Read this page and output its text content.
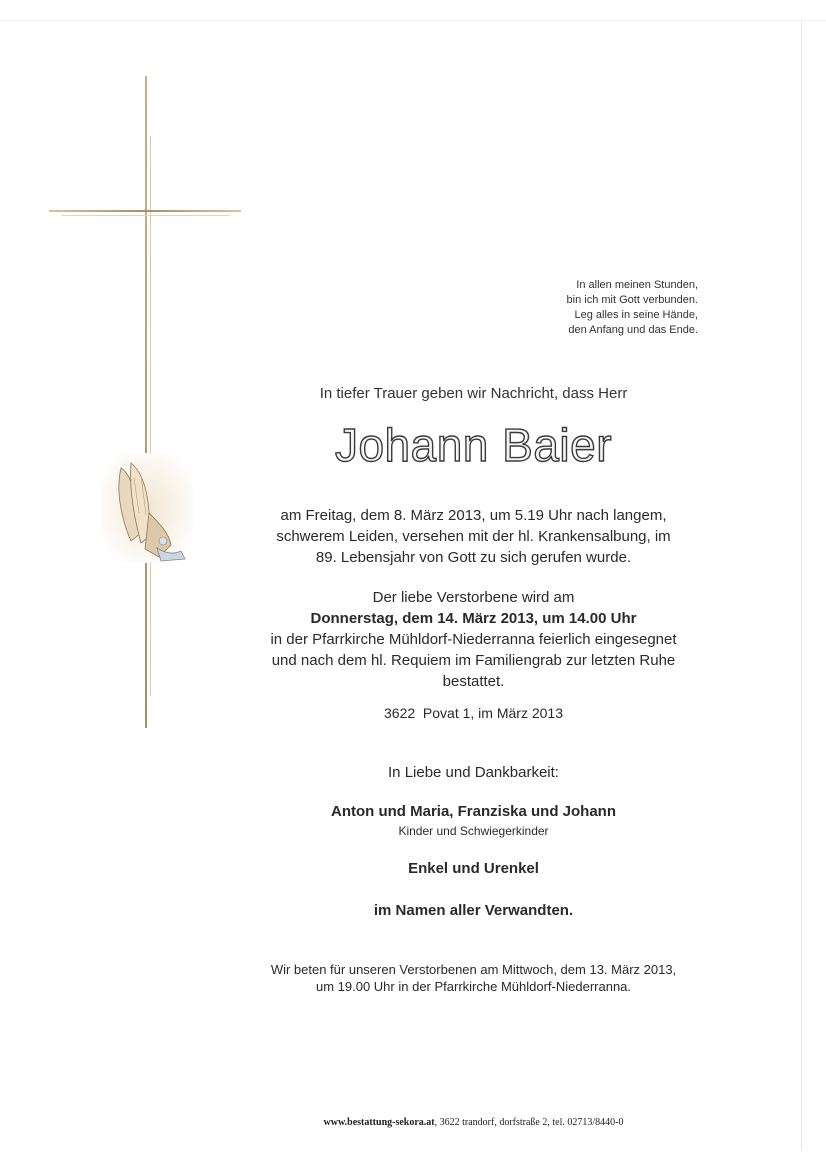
In allen meinen Stunden,
bin ich mit Gott verbunden.
Leg alles in seine Hände,
den Anfang und das Ende.
In tiefer Trauer geben wir Nachricht, dass Herr
Johann Baier
am Freitag, dem 8. März 2013, um 5.19 Uhr nach langem,
schwerem Leiden, versehen mit der hl. Krankensalbung, im
89. Lebensjahr von Gott zu sich gerufen wurde.
Der liebe Verstorbene wird am
Donnerstag, dem 14. März 2013, um 14.00 Uhr
in der Pfarrkirche Mühldorf-Niederranna feierlich eingesegnet
und nach dem hl. Requiem im Familiengrab zur letzten Ruhe
bestattet.
3622  Povat 1, im März 2013
In Liebe und Dankbarkeit:
Anton und Maria, Franziska und Johann
Kinder und Schwiegerkinder
Enkel und Urenkel
im Namen aller Verwandten.
Wir beten für unseren Verstorbenen am Mittwoch, dem 13. März 2013,
um 19.00 Uhr in der Pfarrkirche Mühldorf-Niederranna.
www.bestattung-sekora.at, 3622 trandorf, dorfstraße 2, tel. 02713/8440-0
